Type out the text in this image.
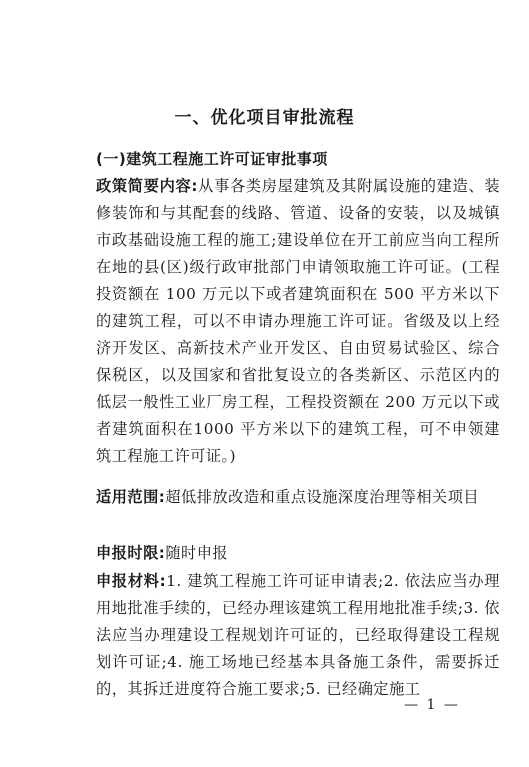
一、优化项目审批流程
(一)建筑工程施工许可证审批事项

政策简要内容:从事各类房屋建筑及其附属设施的建造、装修装饰和与其配套的线路、管道、设备的安装，以及城镇市政基础设施工程的施工;建设单位在开工前应当向工程所在地的县(区)级行政审批部门申请领取施工许可证。(工程投资额在 100 万元以下或者建筑面积在 500 平方米以下的建筑工程，可以不申请办理施工许可证。省级及以上经济开发区、高新技术产业开发区、自由贸易试验区、综合保税区，以及国家和省批复设立的各类新区、示范区内的低层一般性工业厂房工程，工程投资额在 200 万元以下或者建筑面积在1000 平方米以下的建筑工程，可不申领建筑工程施工许可证。)

适用范围:超低排放改造和重点设施深度治理等相关项目

申报时限:随时申报

申报材料:1. 建筑工程施工许可证申请表;2. 依法应当办理用地批准手续的，已经办理该建筑工程用地批准手续;3. 依法应当办理建设工程规划许可证的，已经取得建设工程规划许可证;4. 施工场地已经基本具备施工条件，需要拆迁的，其拆迁进度符合施工要求;5. 已经确定施工

— 1 —
